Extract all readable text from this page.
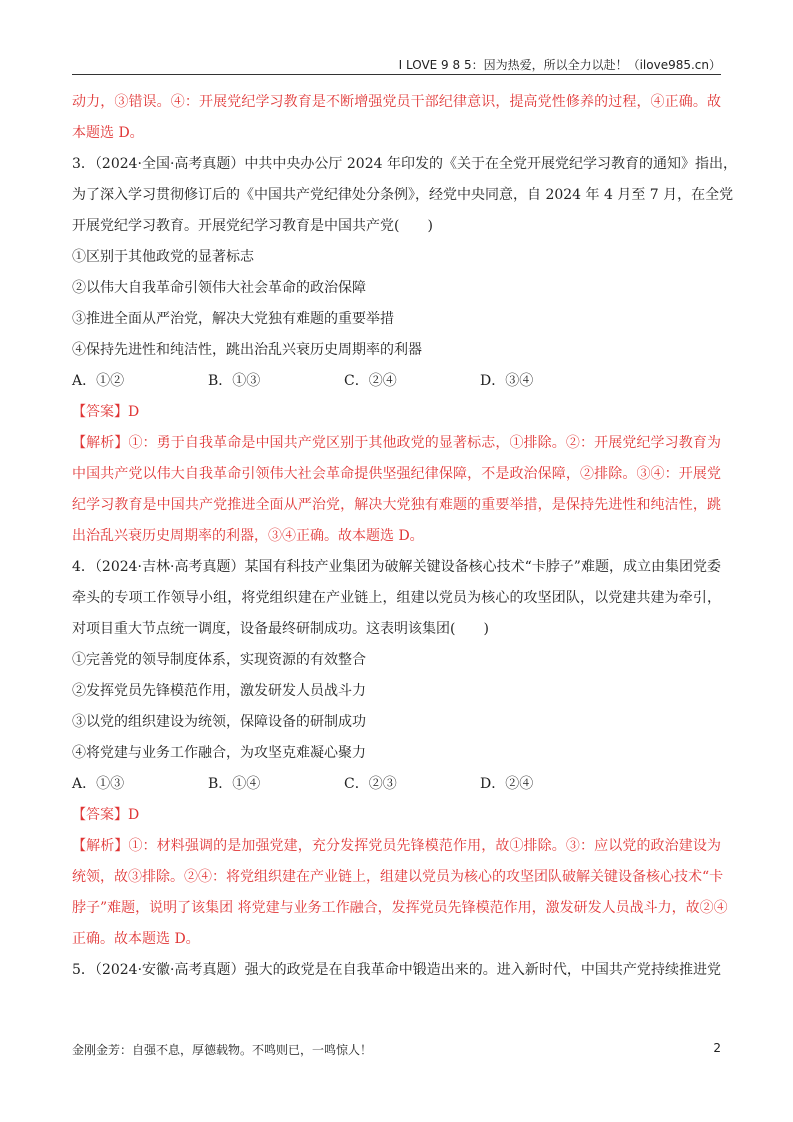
I LOVE 9 8 5：因为热爱，所以全力以赴！（ilove985.cn）
动力，③错误。④：开展党纪学习教育是不断增强党员干部纪律意识，提高党性修养的过程，④正确。故
本题选 D。
3．（2024·全国·高考真题）中共中央办公厅 2024 年印发的《关于在全党开展党纪学习教育的通知》指出，
为了深入学习贯彻修订后的《中国共产党纪律处分条例》，经党中央同意，自 2024 年 4 月至 7 月，在全党
开展党纪学习教育。开展党纪学习教育是中国共产党(　　)
①区别于其他政党的显著标志
②以伟大自我革命引领伟大社会革命的政治保障
③推进全面从严治党，解决大党独有难题的重要举措
④保持先进性和纯洁性，跳出治乱兴衰历史周期率的利器
A．①②	B．①③	C．②④	D．③④
【答案】D
【解析】①：勇于自我革命是中国共产党区别于其他政党的显著标志，①排除。②：开展党纪学习教育为
中国共产党以伟大自我革命引领伟大社会革命提供坚强纪律保障，不是政治保障，②排除。③④：开展党
纪学习教育是中国共产党推进全面从严治党，解决大党独有难题的重要举措，是保持先进性和纯洁性，跳
出治乱兴衰历史周期率的利器，③④正确。故本题选 D。
4．（2024·吉林·高考真题）某国有科技产业集团为破解关键设备核心技术“卡脖子”难题，成立由集团党委
牵头的专项工作领导小组，将党组织建在产业链上，组建以党员为核心的攻坚团队，以党建共建为牵引，
对项目重大节点统一调度，设备最终研制成功。这表明该集团(　　)
①完善党的领导制度体系，实现资源的有效整合
②发挥党员先锋模范作用，激发研发人员战斗力
③以党的组织建设为统领，保障设备的研制成功
④将党建与业务工作融合，为攻坚克难凝心聚力
A．①③	B．①④	C．②③	D．②④
【答案】D
【解析】①：材料强调的是加强党建，充分发挥党员先锋模范作用，故①排除。③：应以党的政治建设为
统领，故③排除。②④：将党组织建在产业链上，组建以党员为核心的攻坚团队破解关键设备核心技术“卡
脖子”难题，说明了该集团 将党建与业务工作融合，发挥党员先锋模范作用，激发研发人员战斗力，故②④
正确。故本题选 D。
5．（2024·安徽·高考真题）强大的政党是在自我革命中锻造出来的。进入新时代，中国共产党持续推进党
金刚金芳：自强不息，厚德载物。不鸣则已，一鸣惊人！	2
